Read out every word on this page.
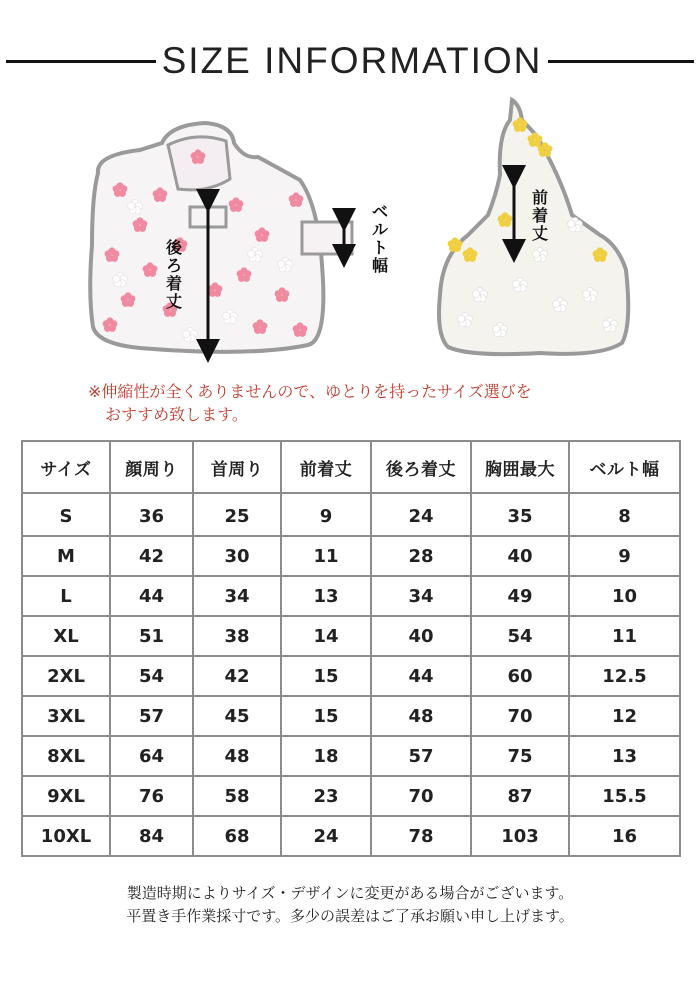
SIZE INFORMATION
後ろ着丈
ベルト幅
前着丈
※伸縮性が全くありませんので、ゆとりを持ったサイズ選びを
おすすめ致します。
サイズ	顔周り	首周り	前着丈	後ろ着丈	胸囲最大	ベルト幅
S	36	25	9	24	35	8
M	42	30	11	28	40	9
L	44	34	13	34	49	10
XL	51	38	14	40	54	11
2XL	54	42	15	44	60	12.5
3XL	57	45	15	48	70	12
8XL	64	48	18	57	75	13
9XL	76	58	23	70	87	15.5
10XL	84	68	24	78	103	16
製造時期によりサイズ・デザインに変更がある場合がございます。
平置き手作業採寸です。多少の誤差はご了承お願い申し上げます。
